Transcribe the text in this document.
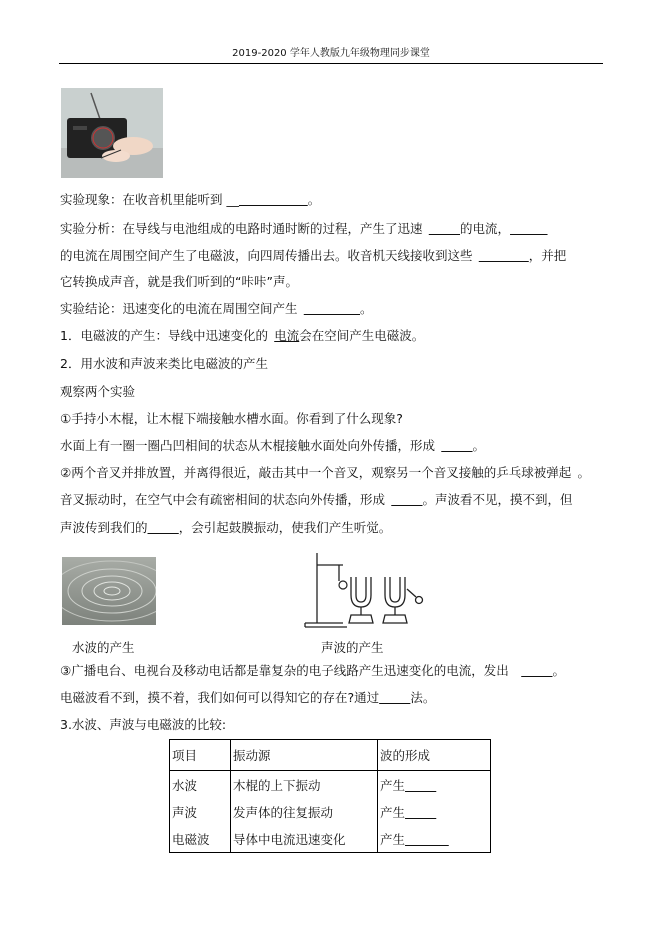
2019-2020 学年人教版九年级物理同步课堂
实验现象：在收音机里能听到 __           	。
实验分析：在导线与电池组成的电路时通时断的过程，产生了迅速      	的电流，      
的电流在周围空间产生了电磁波，向四周传播出去。收音机天线接收到这些         	，并把
它转换成声音，就是我们听到的“咔咔”声。
实验结论：迅速变化的电流在周围空间产生          	。
1．电磁波的产生：导线中迅速变化的  电流会在空间产生电磁波。
2．用水波和声波来类比电磁波的产生
观察两个实验
①手持小木棍，让木棍下端接触水槽水面。你看到了什么现象?
水面上有一圈一圈凸凹相间的状态从木棍接触水面处向外传播，形成      	。
②两个音叉并排放置，并离得很近，敲击其中一个音叉，观察另一个音叉接触的乒乓球被弹起  。
音叉振动时，在空气中会有疏密相间的状态向外传播，形成      	。声波看不见，摸不到，但
声波传到我们的     	，会引起鼓膜振动，使我们产生听觉。
水波的产生	声波的产生
③广播电台、电视台及移动电话都是靠复杂的电子线路产生迅速变化的电流，发出       	。
电磁波看不到，摸不着，我们如何可以得知它的存在?通过     	法。
3.水波、声波与电磁波的比较:
项目	振动源	波的形成
水波	木棍的上下振动	产生     
声波	发声体的往复振动	产生     
电磁波	导体中电流迅速变化	产生       
